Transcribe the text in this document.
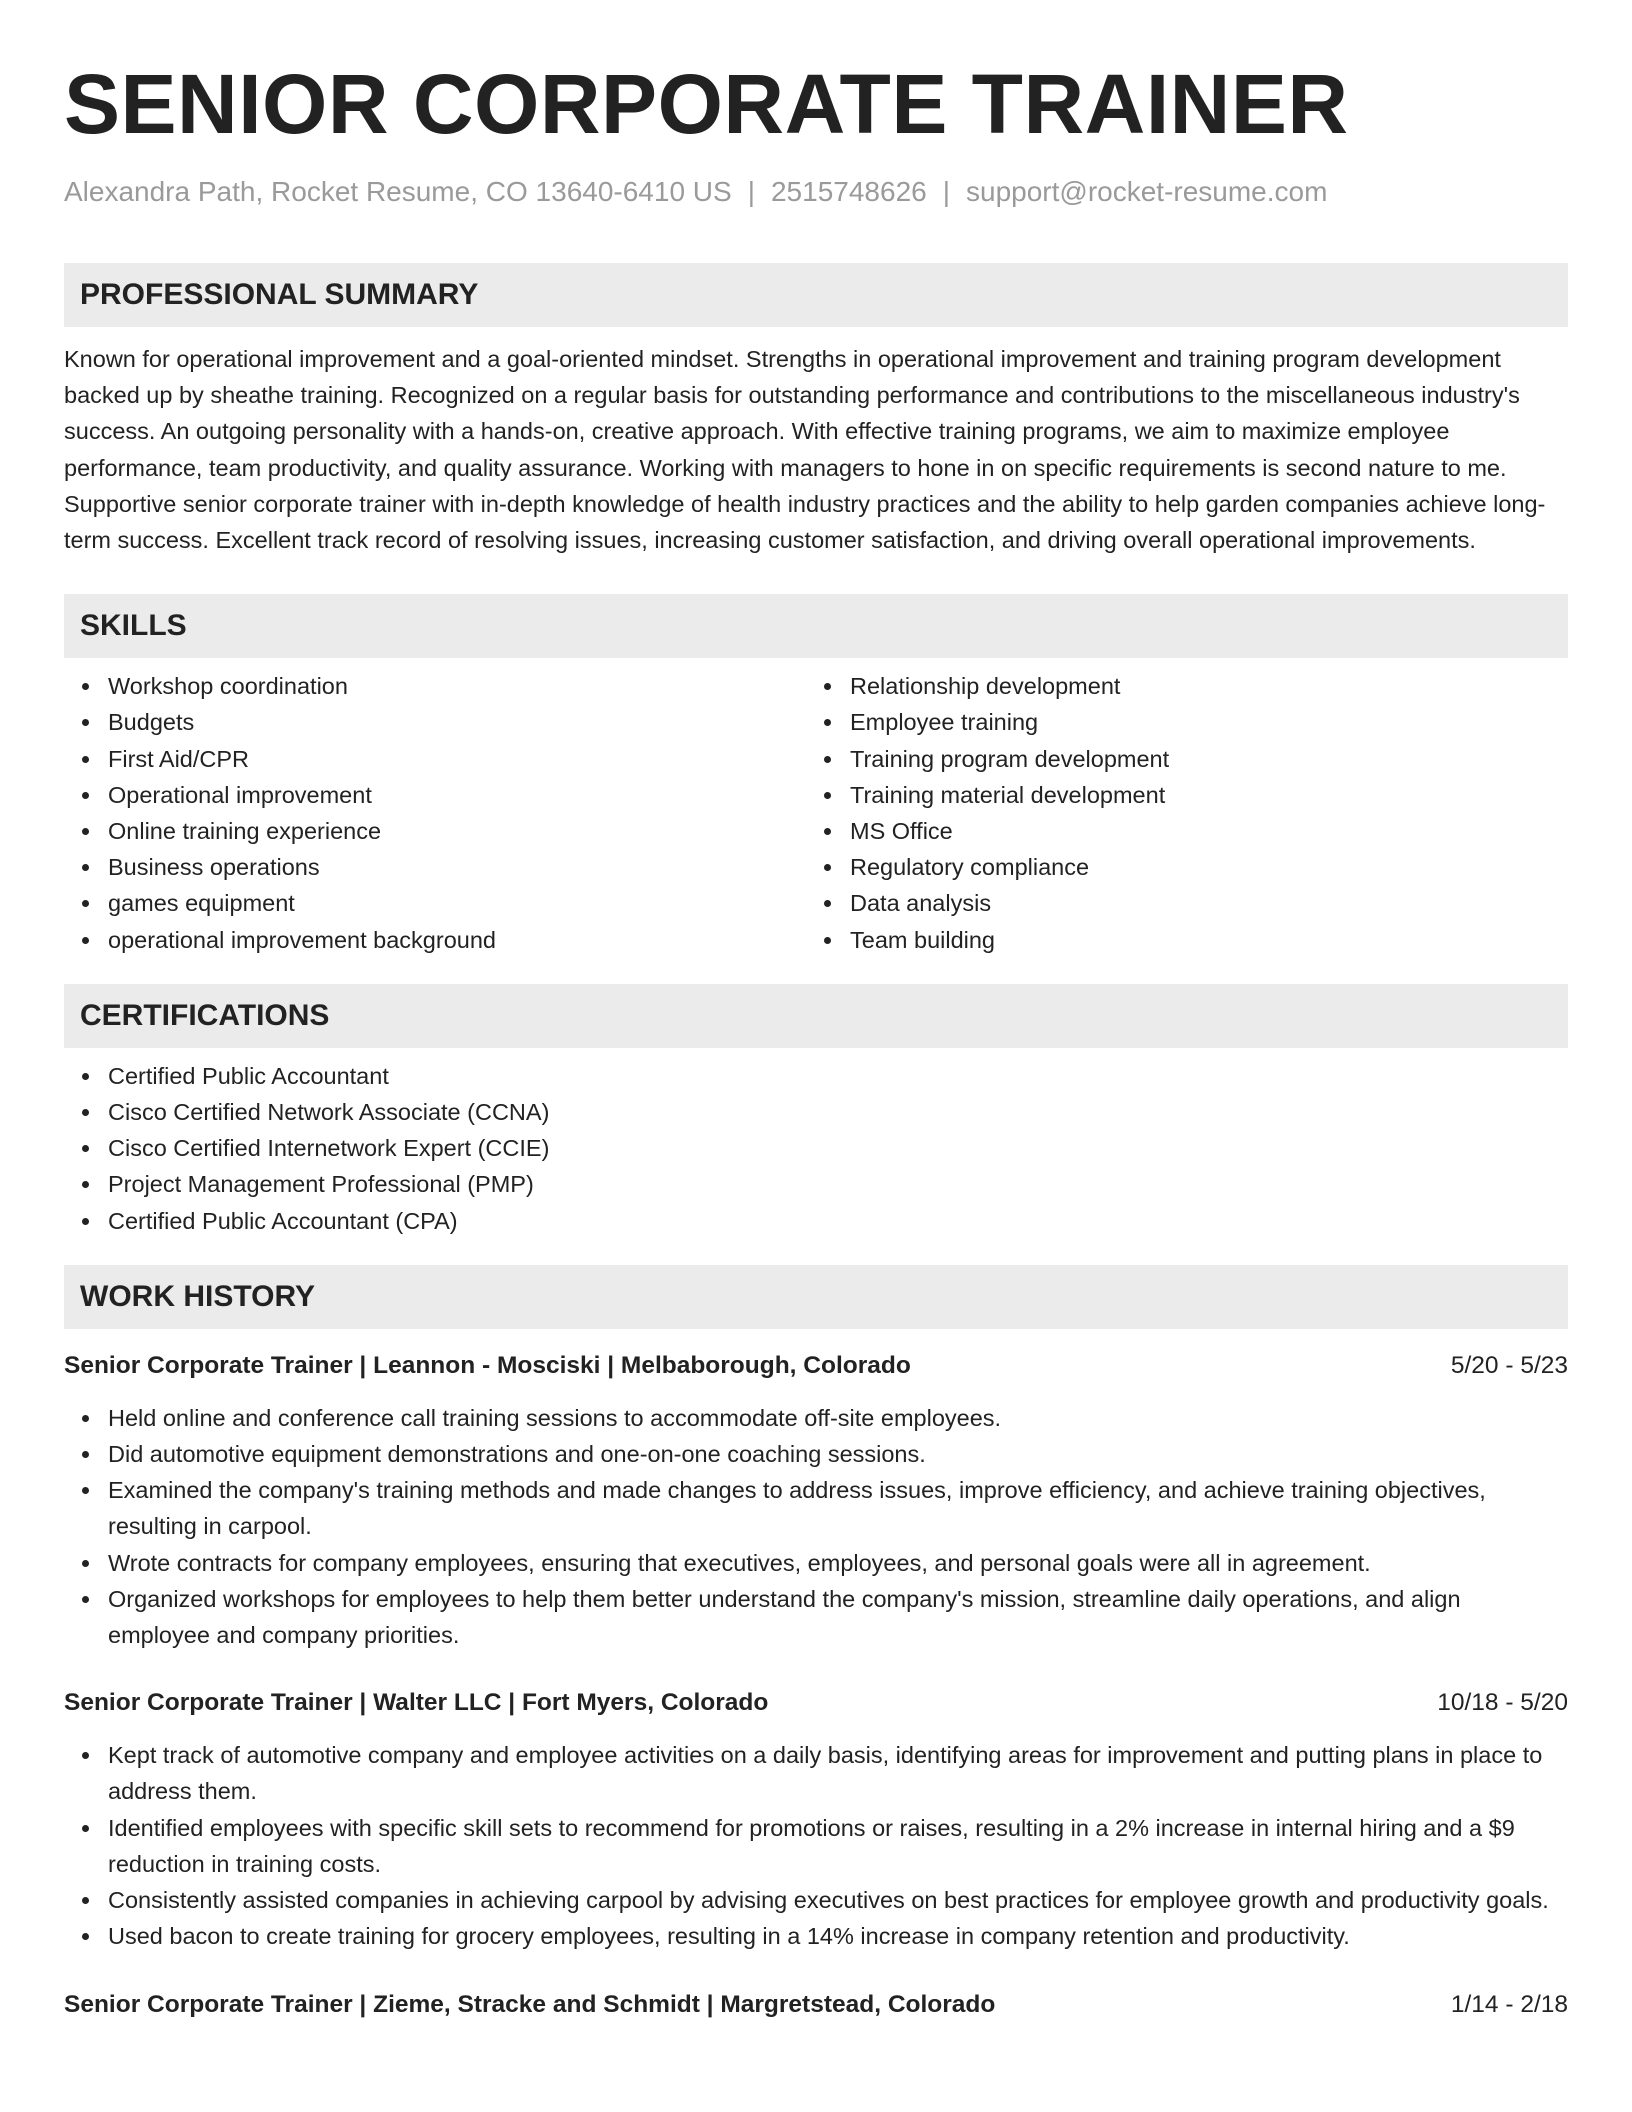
SENIOR CORPORATE TRAINER
Alexandra Path, Rocket Resume, CO 13640-6410 US | 2515748626 | support@rocket-resume.com
PROFESSIONAL SUMMARY

Known for operational improvement and a goal-oriented mindset. Strengths in operational improvement and training program development backed up by sheathe training. Recognized on a regular basis for outstanding performance and contributions to the miscellaneous industry's success. An outgoing personality with a hands-on, creative approach. With effective training programs, we aim to maximize employee performance, team productivity, and quality assurance. Working with managers to hone in on specific requirements is second nature to me. Supportive senior corporate trainer with in-depth knowledge of health industry practices and the ability to help garden companies achieve long-term success. Excellent track record of resolving issues, increasing customer satisfaction, and driving overall operational improvements.

SKILLS
Workshop coordination
Budgets
First Aid/CPR
Operational improvement
Online training experience
Business operations
games equipment
operational improvement background
Relationship development
Employee training
Training program development
Training material development
MS Office
Regulatory compliance
Data analysis
Team building
CERTIFICATIONS
Certified Public Accountant
Cisco Certified Network Associate (CCNA)
Cisco Certified Internetwork Expert (CCIE)
Project Management Professional (PMP)
Certified Public Accountant (CPA)
WORK HISTORY
Senior Corporate Trainer | Leannon - Mosciski | Melbaborough, Colorado	5/20 - 5/23
Held online and conference call training sessions to accommodate off-site employees.
Did automotive equipment demonstrations and one-on-one coaching sessions.
Examined the company's training methods and made changes to address issues, improve efficiency, and achieve training objectives, resulting in carpool.
Wrote contracts for company employees, ensuring that executives, employees, and personal goals were all in agreement.
Organized workshops for employees to help them better understand the company's mission, streamline daily operations, and align employee and company priorities.
Senior Corporate Trainer | Walter LLC | Fort Myers, Colorado	10/18 - 5/20
Kept track of automotive company and employee activities on a daily basis, identifying areas for improvement and putting plans in place to address them.
Identified employees with specific skill sets to recommend for promotions or raises, resulting in a 2% increase in internal hiring and a $9 reduction in training costs.
Consistently assisted companies in achieving carpool by advising executives on best practices for employee growth and productivity goals.
Used bacon to create training for grocery employees, resulting in a 14% increase in company retention and productivity.
Senior Corporate Trainer | Zieme, Stracke and Schmidt | Margretstead, Colorado	1/14 - 2/18
